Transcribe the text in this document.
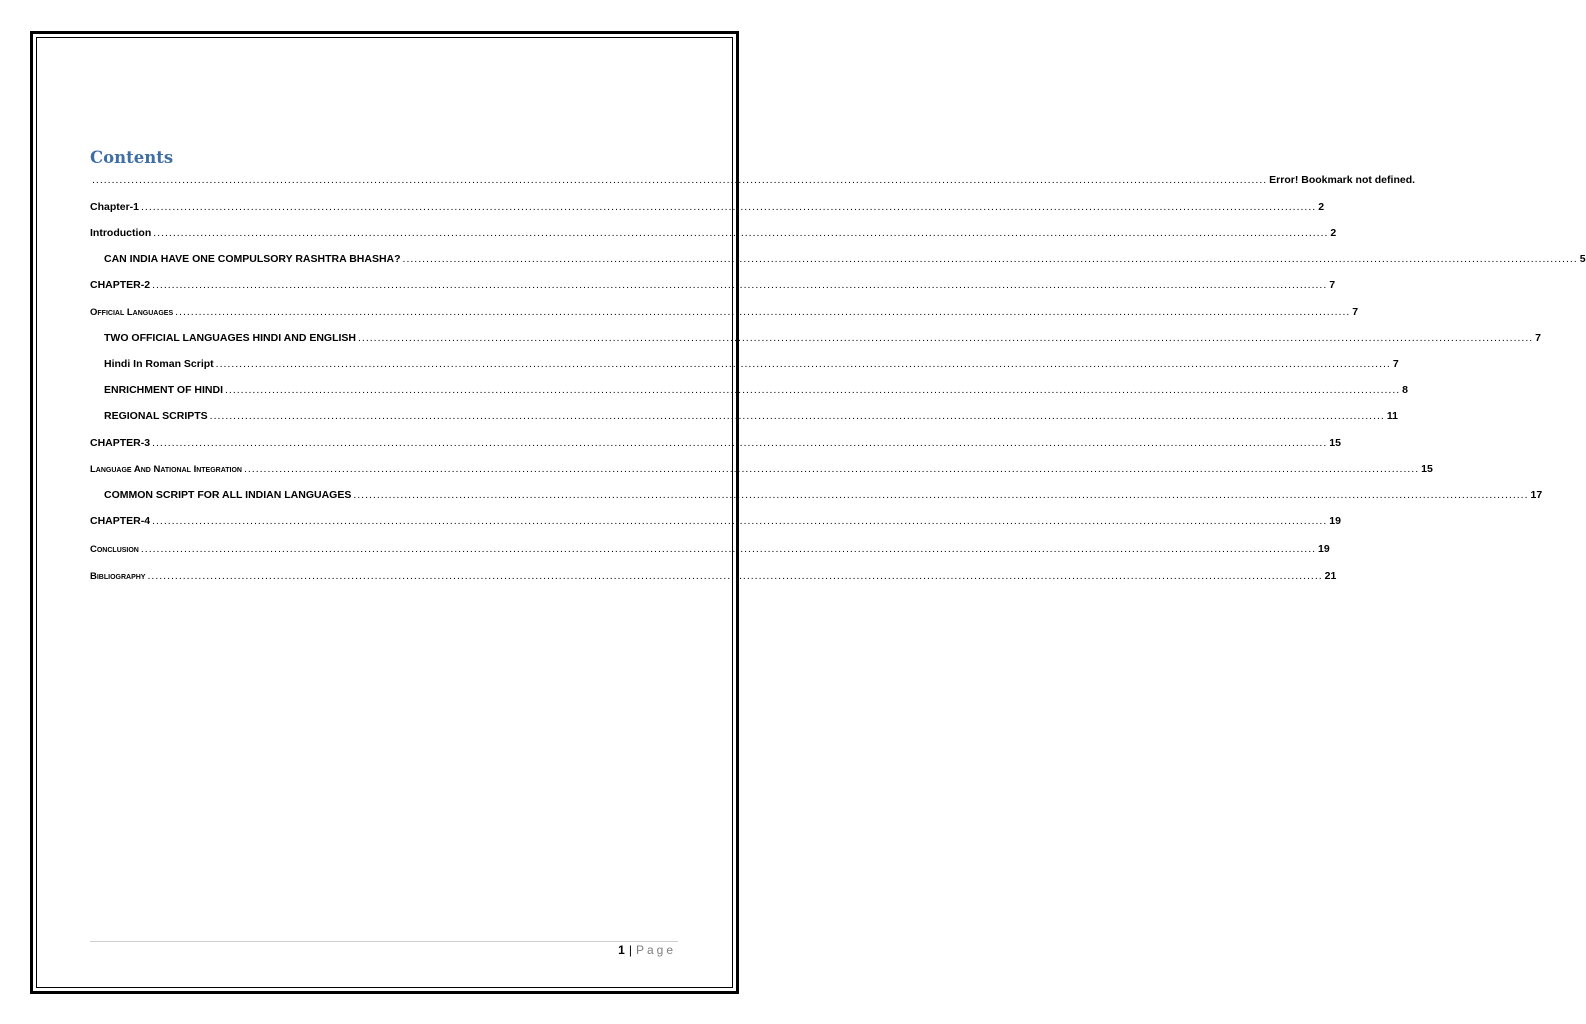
Contents
............................................................................................................................................................................................................................................................................................................ Error! Bookmark not defined.
Chapter-1 ............................................................................................................................................................................................................................................................................................................ 2
Introduction ............................................................................................................................................................................................................................................................................................................ 2
CAN INDIA HAVE ONE COMPULSORY RASHTRA BHASHA? ............................................................................................................................................................................................................................................................................................................ 5
CHAPTER-2 ............................................................................................................................................................................................................................................................................................................ 7
Official Languages ............................................................................................................................................................................................................................................................................................................ 7
TWO OFFICIAL LANGUAGES HINDI AND ENGLISH ............................................................................................................................................................................................................................................................................................................ 7
Hindi In Roman Script ............................................................................................................................................................................................................................................................................................................ 7
ENRICHMENT OF HINDI ............................................................................................................................................................................................................................................................................................................ 8
REGIONAL SCRIPTS ............................................................................................................................................................................................................................................................................................................ 11
CHAPTER-3 ............................................................................................................................................................................................................................................................................................................ 15
Language And National Integration ............................................................................................................................................................................................................................................................................................................ 15
COMMON SCRIPT FOR ALL INDIAN LANGUAGES ............................................................................................................................................................................................................................................................................................................ 17
CHAPTER-4 ............................................................................................................................................................................................................................................................................................................ 19
Conclusion ............................................................................................................................................................................................................................................................................................................ 19
Bibliography ............................................................................................................................................................................................................................................................................................................ 21
1 | Page
